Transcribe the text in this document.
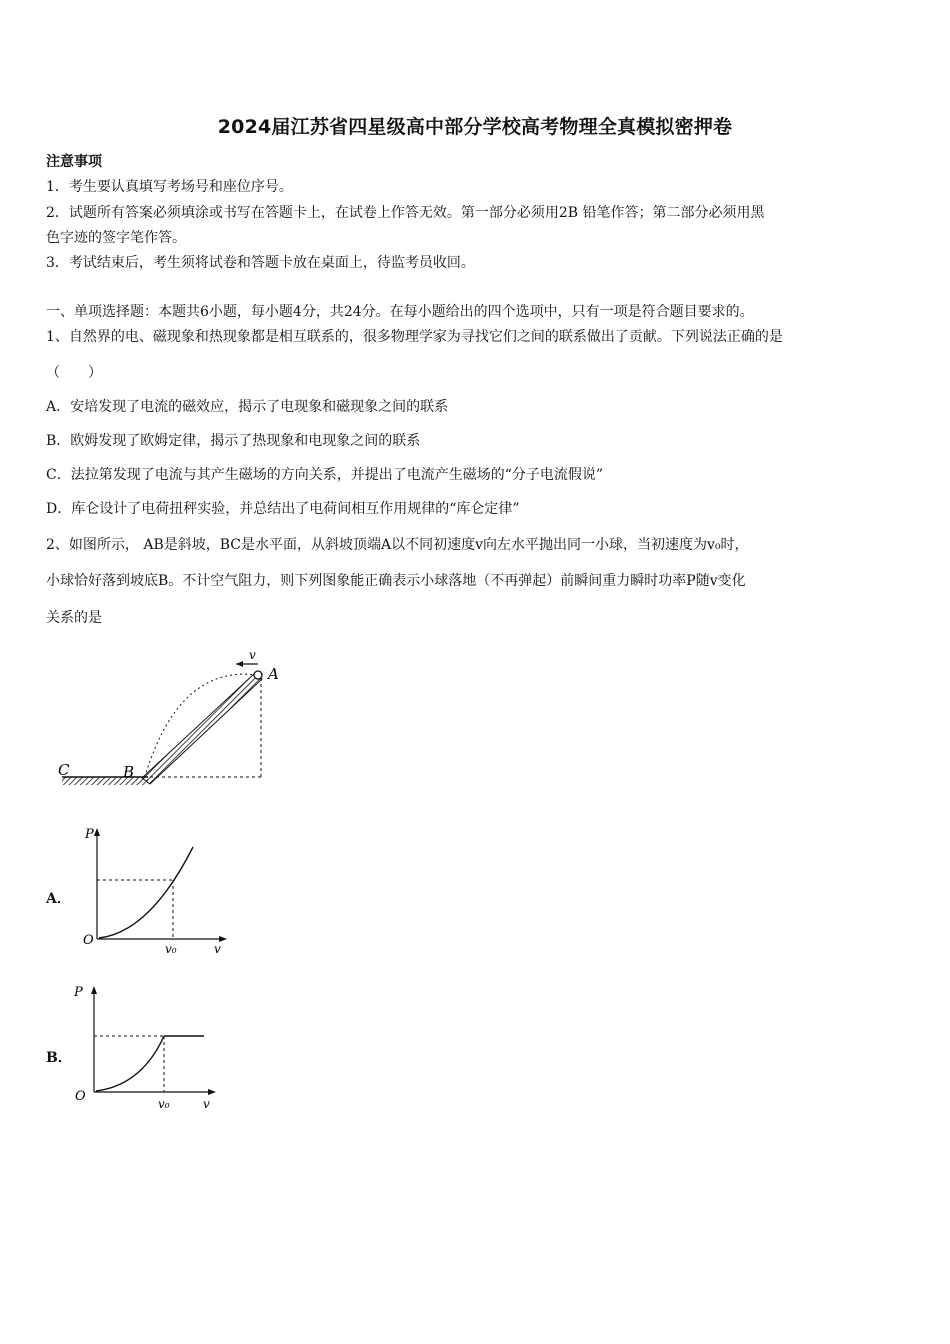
2024届江苏省四星级高中部分学校高考物理全真模拟密押卷
注意事项
1．考生要认真填写考场号和座位序号。
2．试题所有答案必须填涂或书写在答题卡上，在试卷上作答无效。第一部分必须用2B 铅笔作答；第二部分必须用黑
色字迹的签字笔作答。
3．考试结束后，考生须将试卷和答题卡放在桌面上，待监考员收回。
一、单项选择题：本题共6小题，每小题4分，共24分。在每小题给出的四个选项中，只有一项是符合题目要求的。
1、自然界的电、磁现象和热现象都是相互联系的，很多物理学家为寻找它们之间的联系做出了贡献。下列说法正确的是
（　　）
A．安培发现了电流的磁效应，揭示了电现象和磁现象之间的联系
B．欧姆发现了欧姆定律，揭示了热现象和电现象之间的联系
C．法拉第发现了电流与其产生磁场的方向关系，并提出了电流产生磁场的“分子电流假说”
D．库仑设计了电荷扭秤实验，并总结出了电荷间相互作用规律的“库仑定律”
2、如图所示， AB是斜坡，BC是水平面，从斜坡顶端A以不同初速度v向左水平抛出同一小球，当初速度为v₀时，
小球恰好落到坡底B。不计空气阻力，则下列图象能正确表示小球落地（不再弹起）前瞬间重力瞬时功率P随v变化
关系的是
v
A
B
C
A．
P
O
v₀	v
B．
P
O	v₀	v
